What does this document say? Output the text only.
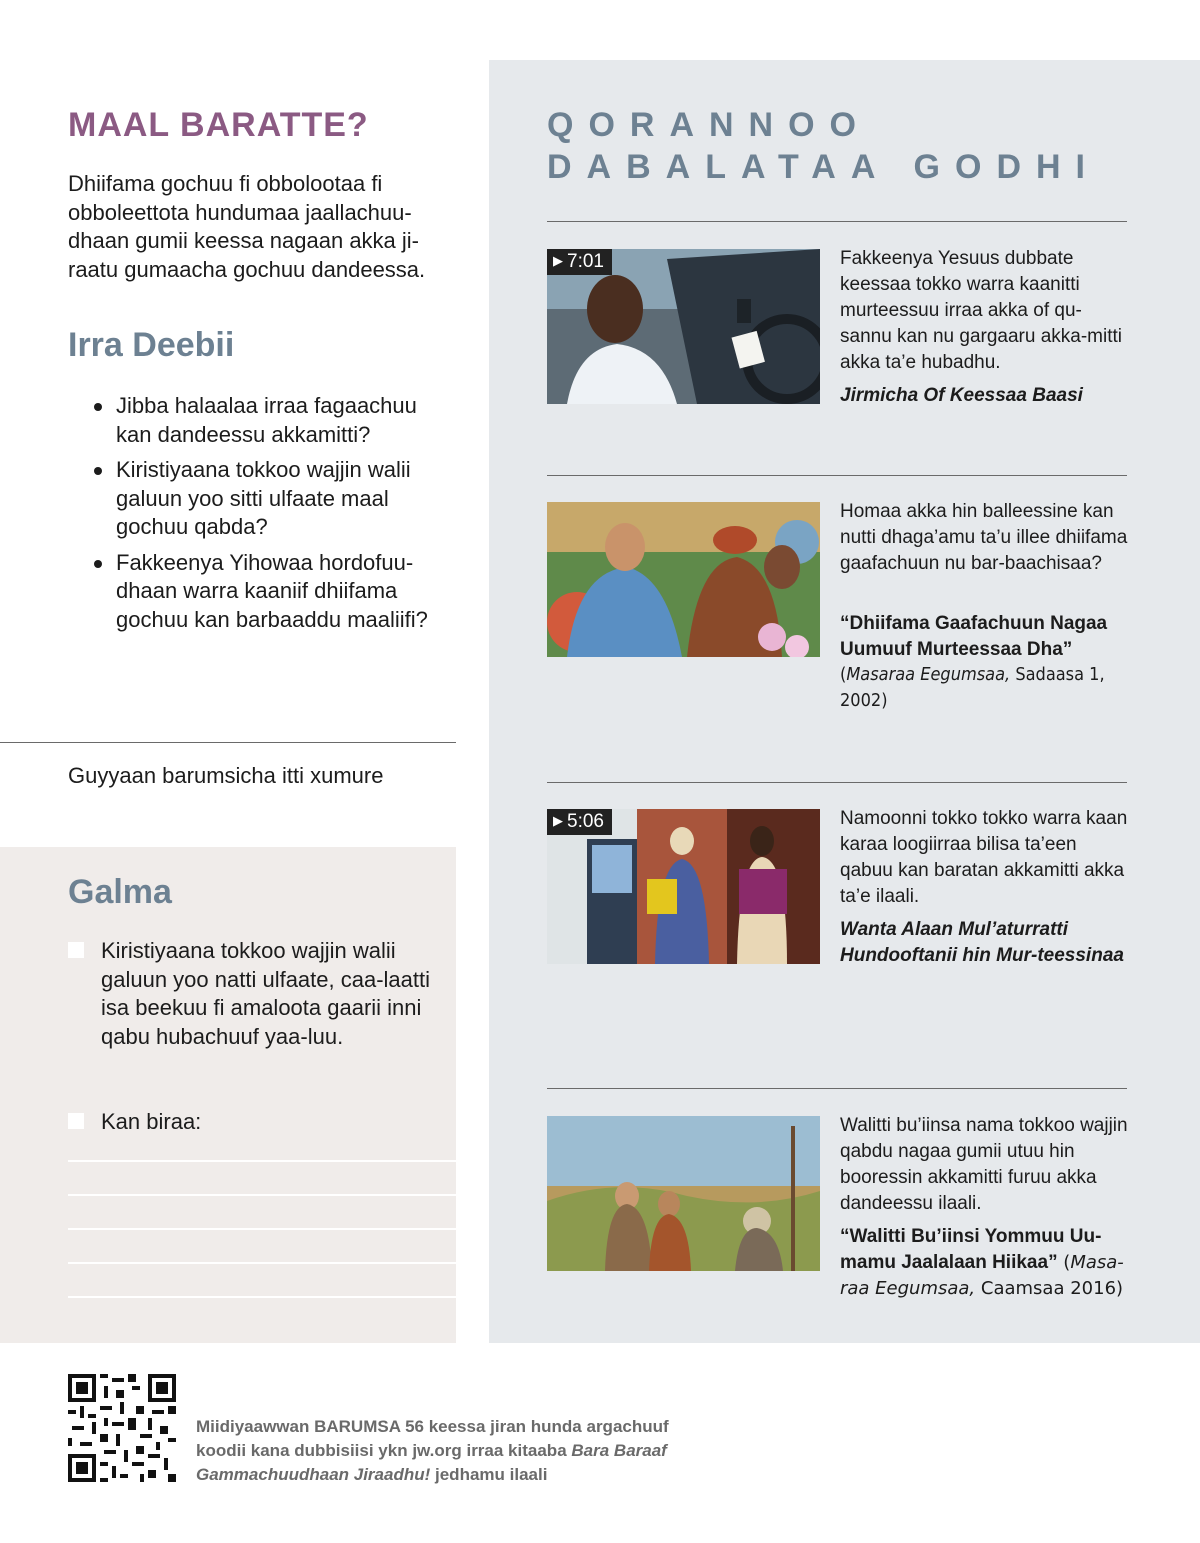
MAAL BARATTE?
Dhiifama gochuu fi obbolootaa fi obboleettota hundumaa jaallachuu-dhaan gumii keessa nagaan akka ji-raatu gumaacha gochuu dandeessa.
Irra Deebii
Jibba halaalaa irraa fagaachuu kan dandeessu akkamitti?
Kiristiyaana tokkoo wajjin walii galuun yoo sitti ulfaate maal gochuu qabda?
Fakkeenya Yihowaa hordofuu-dhaan warra kaaniif dhiifama gochuu kan barbaaddu maaliifi?
Guyyaan barumsicha itti xumure
Galma
Kiristiyaana tokkoo wajjin walii galuun yoo natti ulfaate, caa-laatti isa beekuu fi amaloota gaarii inni qabu hubachuuf yaa-luu.
Kan biraa:
QORANNOO
DABALATAA GODHI
▶ 7:01	Fakkeenya Yesuus dubbate keessaa tokko warra kaanitti murteessuu irraa akka of qu-sannu kan nu gargaaru akka-mitti akka ta’e hubadhu.
Jirmicha Of Keessaa Baasi
Homaa akka hin balleessine kan nutti dhaga’amu ta’u illee dhiifama gaafachuun nu bar-baachisaa?
“Dhiifama Gaafachuun Nagaa Uumuuf Murteessaa Dha”
(Masaraa Eegumsaa, Sadaasa 1, 2002)
▶ 5:06	Namoonni tokko tokko warra kaan karaa loogiirraa bilisa ta’een qabuu kan baratan akkamitti akka ta’e ilaali.
Wanta Alaan Mul’aturratti Hundooftanii hin Mur-teessinaa
Walitti bu’iinsa nama tokkoo wajjin qabdu nagaa gumii utuu hin booressin akkamitti furuu akka dandeessu ilaali.
“Walitti Bu’iinsi Yommuu Uu-mamu Jaalalaan Hiikaa” (Masa-raa Eegumsaa, Caamsaa 2016)
Miidiyaawwan BARUMSA 56 keessa jiran hunda argachuuf koodii kana dubbisiisi ykn jw.org irraa kitaaba Bara Baraaf Gammachuudhaan Jiraadhu! jedhamu ilaali
